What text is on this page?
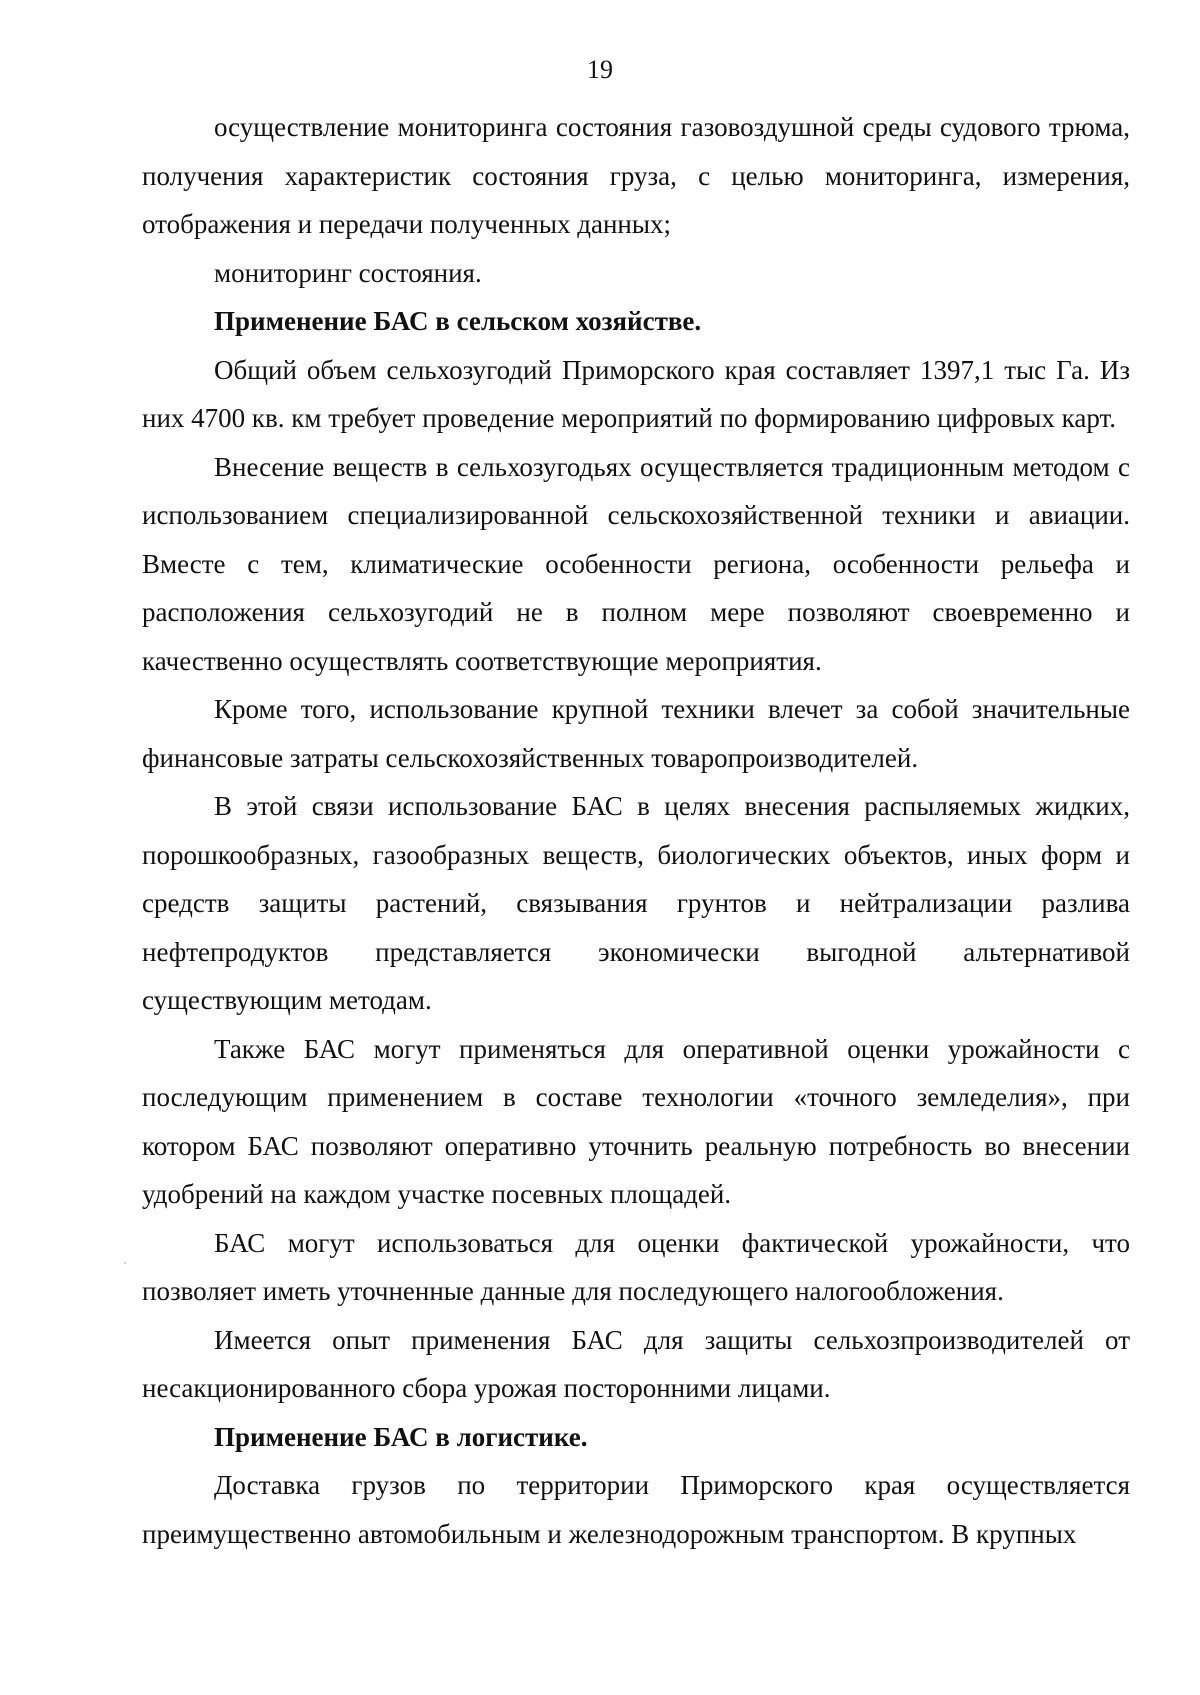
19

осуществление мониторинга состояния газовоздушной среды судового трюма, получения характеристик состояния груза, с целью мониторинга, измерения, отображения и передачи полученных данных;

мониторинг состояния.

Применение БАС в сельском хозяйстве.

Общий объем сельхозугодий Приморского края составляет 1397,1 тыс Га. Из них 4700 кв. км требует проведение мероприятий по формированию цифровых карт.

Внесение веществ в сельхозугодьях осуществляется традиционным методом с использованием специализированной сельскохозяйственной техники и авиации. Вместе с тем, климатические особенности региона, особенности рельефа и расположения сельхозугодий не в полном мере позволяют своевременно и качественно осуществлять соответствующие мероприятия.

Кроме того, использование крупной техники влечет за собой значительные финансовые затраты сельскохозяйственных товаропроизводителей.

В этой связи использование БАС в целях внесения распыляемых жидких, порошкообразных, газообразных веществ, биологических объектов, иных форм и средств защиты растений, связывания грунтов и нейтрализации разлива нефтепродуктов представляется экономически выгодной альтернативой существующим методам.

Также БАС могут применяться для оперативной оценки урожайности с последующим применением в составе технологии «точного земледелия», при котором БАС позволяют оперативно уточнить реальную потребность во внесении удобрений на каждом участке посевных площадей.

БАС могут использоваться для оценки фактической урожайности, что позволяет иметь уточненные данные для последующего налогообложения.

Имеется опыт применения БАС для защиты сельхозпроизводителей от несакционированного сбора урожая посторонними лицами.

Применение БАС в логистике.

Доставка грузов по территории Приморского края осуществляется преимущественно автомобильным и железнодорожным транспортом. В крупных
